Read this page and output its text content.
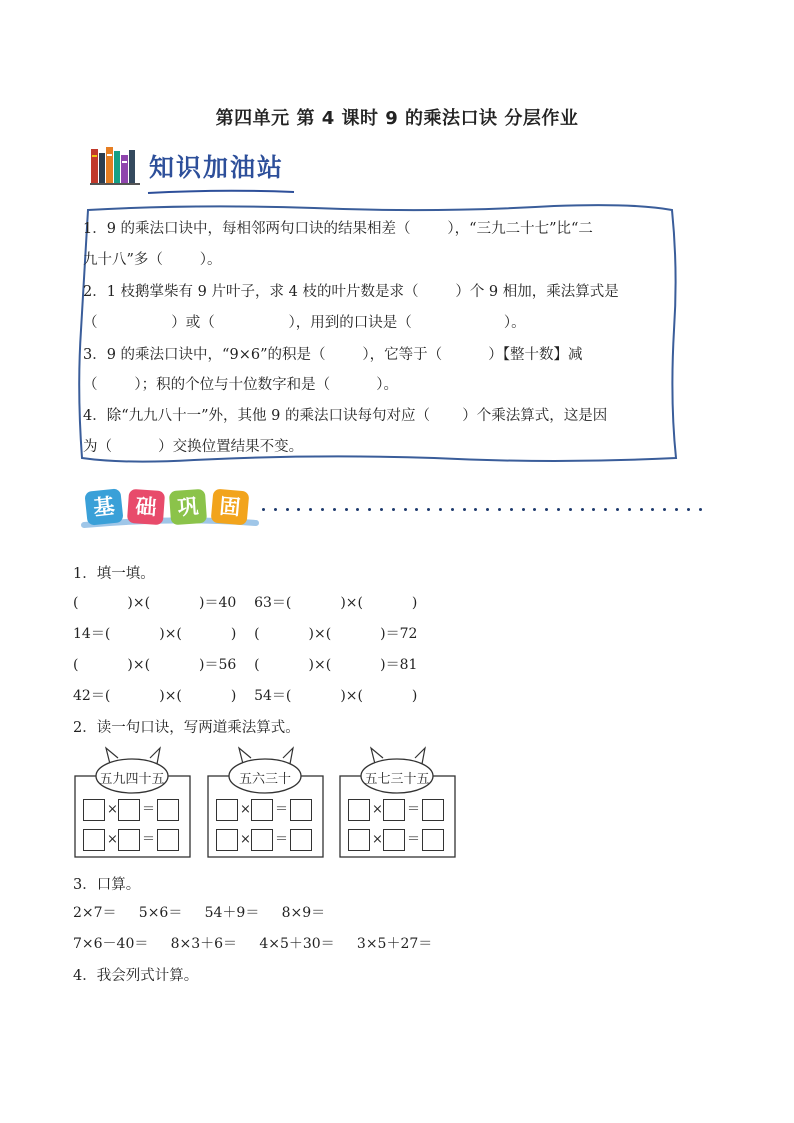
第四单元 第 4 课时 9 的乘法口诀 分层作业
知识加油站
1．9 的乘法口诀中，每相邻两句口诀的结果相差（        ），“三九二十七”比“二
九十八”多（        ）。
2．1 枝鹅掌柴有 9 片叶子，求 4 枝的叶片数是求（        ）个 9 相加，乘法算式是
（                ）或（                ），用到的口诀是（                    ）。
3．9 的乘法口诀中，“9×6”的积是（        ），它等于（          ）【整十数】减
（        ）；积的个位与十位数字和是（          ）。
4．除“九九八十一”外，其他 9 的乘法口诀每句对应（       ）个乘法算式，这是因
为（          ）交换位置结果不变。
基 础 巩 固
1．填一填。
(           )×(           )＝40    63＝(           )×(           )
14＝(           )×(           )    (           )×(           )＝72
(           )×(           )＝56    (           )×(           )＝81
42＝(           )×(           )    54＝(           )×(           )
2．读一句口诀，写两道乘法算式。
五九四十五
× ＝
× ＝
五六三十
× ＝
× ＝
五七三十五
× ＝
× ＝
3．口算。
2×7＝     5×6＝     54＋9＝     8×9＝
7×6－40＝     8×3＋6＝     4×5＋30＝     3×5＋27＝
4．我会列式计算。
